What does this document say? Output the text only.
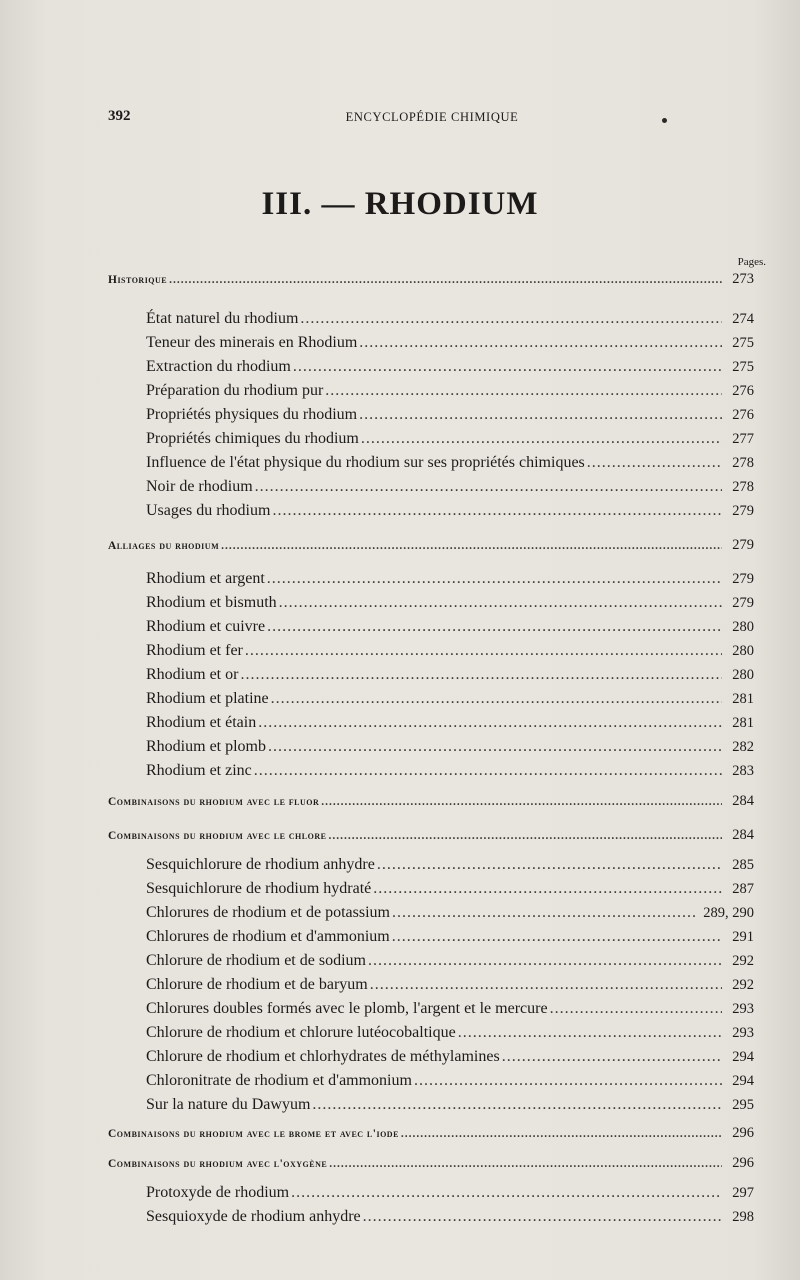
392	ENCYCLOPÉDIE CHIMIQUE
III. — RHODIUM
Pages.
Historique .....	273
État naturel du rhodium .....	274
Teneur des minerais en Rhodium .....	275
Extraction du rhodium .....	275
Préparation du rhodium pur .....	276
Propriétés physiques du rhodium .....	276
Propriétés chimiques du rhodium .....	277
Influence de l'état physique du rhodium sur ses propriétés chimiques .....	278
Noir de rhodium .....	278
Usages du rhodium .....	279
Alliages du rhodium .....	279
Rhodium et argent .....	279
Rhodium et bismuth .....	279
Rhodium et cuivre .....	280
Rhodium et fer .....	280
Rhodium et or .....	280
Rhodium et platine .....	281
Rhodium et étain .....	281
Rhodium et plomb .....	282
Rhodium et zinc .....	283
Combinaisons du rhodium avec le fluor .....	284
Combinaisons du rhodium avec le chlore .....	284
Sesquichlorure de rhodium anhydre .....	285
Sesquichlorure de rhodium hydraté .....	287
Chlorures de rhodium et de potassium .....	289, 290
Chlorures de rhodium et d'ammonium .....	291
Chlorure de rhodium et de sodium .....	292
Chlorure de rhodium et de baryum .....	292
Chlorures doubles formés avec le plomb, l'argent et le mercure .....	293
Chlorure de rhodium et chlorure lutéocobaltique .....	293
Chlorure de rhodium et chlorhydrates de méthylamines .....	294
Chloronitrate de rhodium et d'ammonium .....	294
Sur la nature du Dawyum .....	295
Combinaisons du rhodium avec le brome et avec l'iode .....	296
Combinaisons du rhodium avec l'oxygène .....	296
Protoxyde de rhodium .....	297
Sesquioxyde de rhodium anhydre .....	298
